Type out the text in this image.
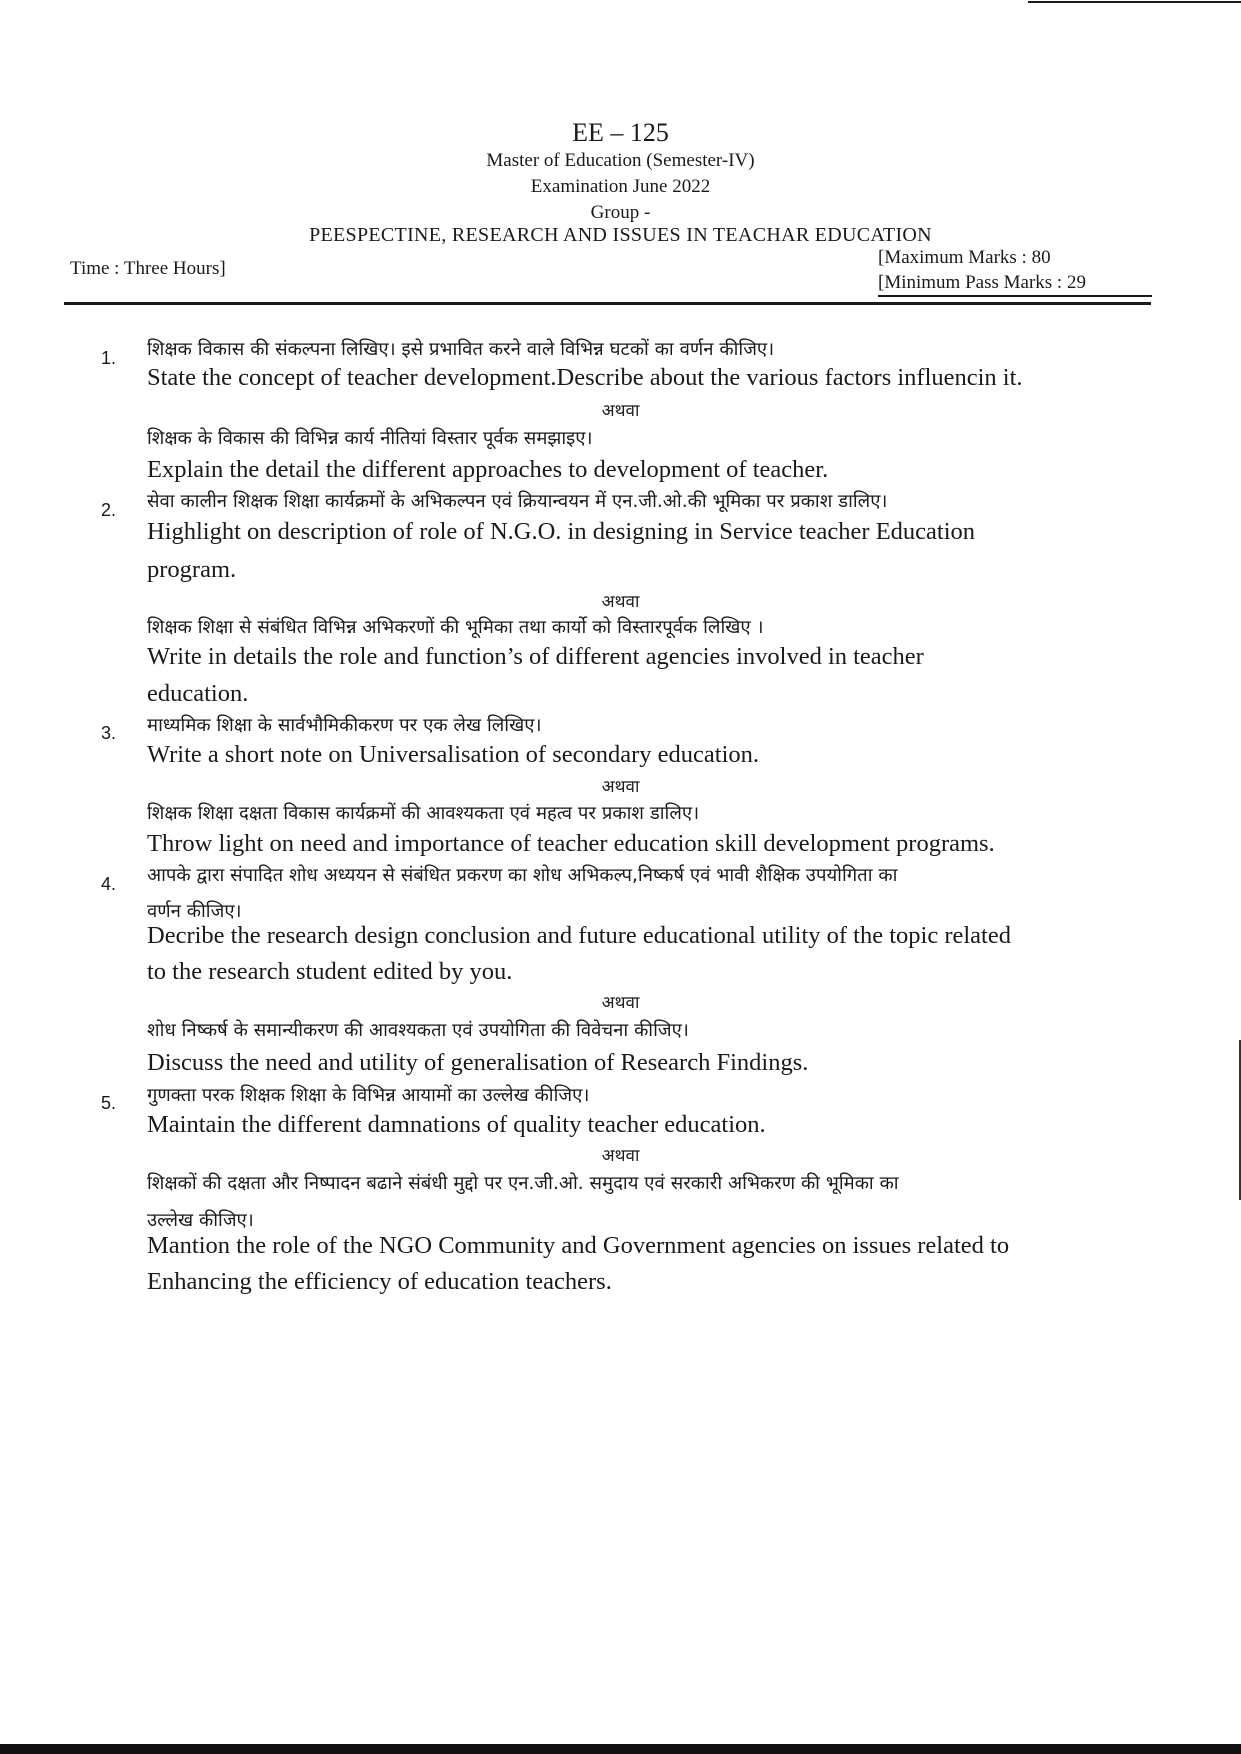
EE – 125
Master of Education (Semester-IV)
Examination June 2022
Group -
PEESPECTINE, RESEARCH AND ISSUES IN TEACHAR EDUCATION
Time : Three Hours]
[Maximum Marks : 80
[Minimum Pass Marks : 29
1. शिक्षक विकास की संकल्पना लिखिए। इसे प्रभावित करने वाले विभिन्न घटकों का वर्णन कीजिए।
State the concept of teacher development.Describe about the various factors influencin it.
अथवा
शिक्षक के विकास की विभिन्न कार्य नीतियां विस्तार पूर्वक समझाइए।
Explain the detail the different approaches to development of teacher.
2. सेवा कालीन शिक्षक शिक्षा कार्यक्रमों के अभिकल्पन एवं क्रियान्वयन में एन.जी.ओ.की भूमिका पर प्रकाश डालिए।
Highlight on description of role of N.G.O. in designing in Service teacher Education
program.
अथवा
शिक्षक शिक्षा से संबंधित विभिन्न अभिकरणों की भूमिका तथा कार्यो को विस्तारपूर्वक लिखिए ।
Write in details the role and function’s of different agencies involved in teacher
education.
3. माध्यमिक शिक्षा के सार्वभौमिकीकरण पर एक लेख लिखिए।
Write a short note on Universalisation of secondary education.
अथवा
शिक्षक शिक्षा दक्षता विकास कार्यक्रमों की आवश्यकता एवं महत्व पर प्रकाश डालिए।
Throw light on need and importance of teacher education skill development programs.
4. आपके द्वारा संपादित शोध अध्ययन से संबंधित प्रकरण का शोध अभिकल्प,निष्कर्ष एवं भावी शैक्षिक उपयोगिता का
वर्णन कीजिए।
Decribe the research design conclusion and future educational utility of the topic related
to the research student edited by you.
अथवा
शोध निष्कर्ष के समान्यीकरण की आवश्यकता एवं उपयोगिता की विवेचना कीजिए।
Discuss the need and utility of generalisation of Research Findings.
5. गुणक्ता परक शिक्षक शिक्षा के विभिन्न आयामों का उल्लेख कीजिए।
Maintain the different damnations of quality teacher education.
अथवा
शिक्षकों की दक्षता और निष्पादन बढाने संबंधी मुद्दो पर एन.जी.ओ. समुदाय एवं सरकारी अभिकरण की भूमिका का
उल्लेख कीजिए।
Mantion the role of the NGO Community and Government agencies on issues related to
Enhancing the efficiency of education teachers.
